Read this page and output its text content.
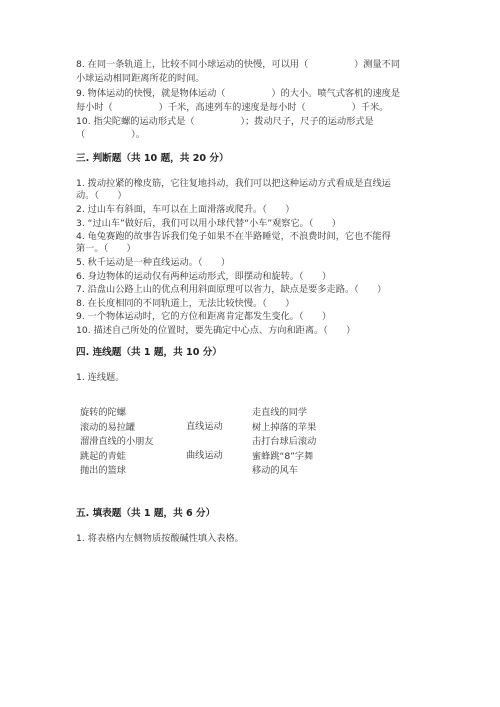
8. 在同一条轨道上，比较不同小球运动的快慢，可以用（　　　　　）测量不同
小球运动相同距离所花的时间。
9. 物体运动的快慢，就是物体运动（　　　　　）的大小。喷气式客机的速度是
每小时（　　　　　）千米，高速列车的速度是每小时（　　　　　）千米。
10. 指尖陀螺的运动形式是（　　　　　）；拨动尺子，尺子的运动形式是
（　　　　　）。
三. 判断题（共 10 题，共 20 分）
1. 拨动拉紧的橡皮筋，它往复地抖动，我们可以把这种运动方式看成是直线运
动。（　　）
2. 过山车有斜面，车可以在上面滑落或爬升。（　　）
3. “过山车”做好后，我们可以用小球代替“小车”观察它。（　　）
4. 龟兔赛跑的故事告诉我们兔子如果不在半路睡觉，不浪费时间，它也不能得
第一。（　　）
5. 秋千运动是一种直线运动。（　　）
6. 身边物体的运动仅有两种运动形式，即摆动和旋转。（　　）
7. 沿盘山公路上山的优点利用斜面原理可以省力，缺点是要多走路。（　　）
8. 在长度相同的不同轨道上，无法比较快慢。（　　）
9. 一个物体运动时，它的方位和距离肯定都发生变化。（　　）
10. 描述自己所处的位置时，要先确定中心点、方向和距离。（　　）
四. 连线题（共 1 题，共 10 分）
1. 连线题。
旋转的陀螺
滚动的易拉罐
溜滑直线的小朋友
跳起的青蛙
抛出的篮球
直线运动
曲线运动
走直线的同学
树上掉落的苹果
击打台球后滚动
蜜蜂跳“8”字舞
移动的风车
五. 填表题（共 1 题，共 6 分）
1. 将表格内左侧物质按酸碱性填入表格。
